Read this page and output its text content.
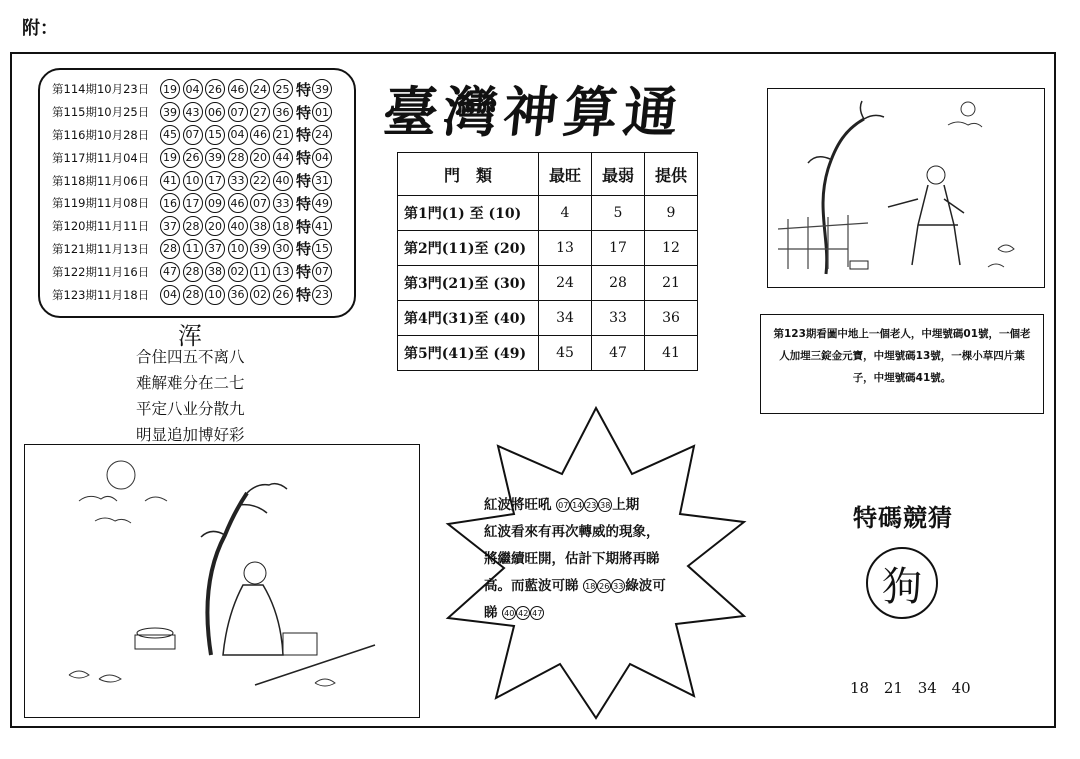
附：
第114期10月23日	19 04 26 46 24 25 特 39
第115期10月25日	39 43 06 07 27 36 特 01
第116期10月28日	45 07 15 04 46 21 特 24
第117期11月04日	19 26 39 28 20 44 特 04
第118期11月06日	41 10 17 33 22 40 特 31
第119期11月08日	16 17 09 46 07 33 特 49
第120期11月11日	37 28 20 40 38 18 特 41
第121期11月13日	28 11 37 10 39 30 特 15
第122期11月16日	47 28 38 02 11 13 特 07
第123期11月18日	04 28 10 36 02 26 特 23
浑
合住四五不离八
难解难分在二七
平定八业分散九
明显追加博好彩
臺灣神算通
門　類	最旺	最弱	提供
第1門(1) 至 (10)	4	5	9
第2門(11)至 (20)	13	17	12
第3門(21)至 (30)	24	28	21
第4門(31)至 (40)	34	33	36
第5門(41)至 (49)	45	47	41
第123期看圖中地上一個老人，中埋號碼01號，一個老人加埋三錠金元寶，中埋號碼13號，一棵小草四片葉子，中埋號碼41號。
紅波將旺吼 07 14 23 38 上期
紅波看來有再次轉威的現象，
將繼續旺開，估計下期將再睇
高。而藍波可睇 18 26 33 綠波可
睇 40 42 47
特碼競猜
狗
18 21 34 40
